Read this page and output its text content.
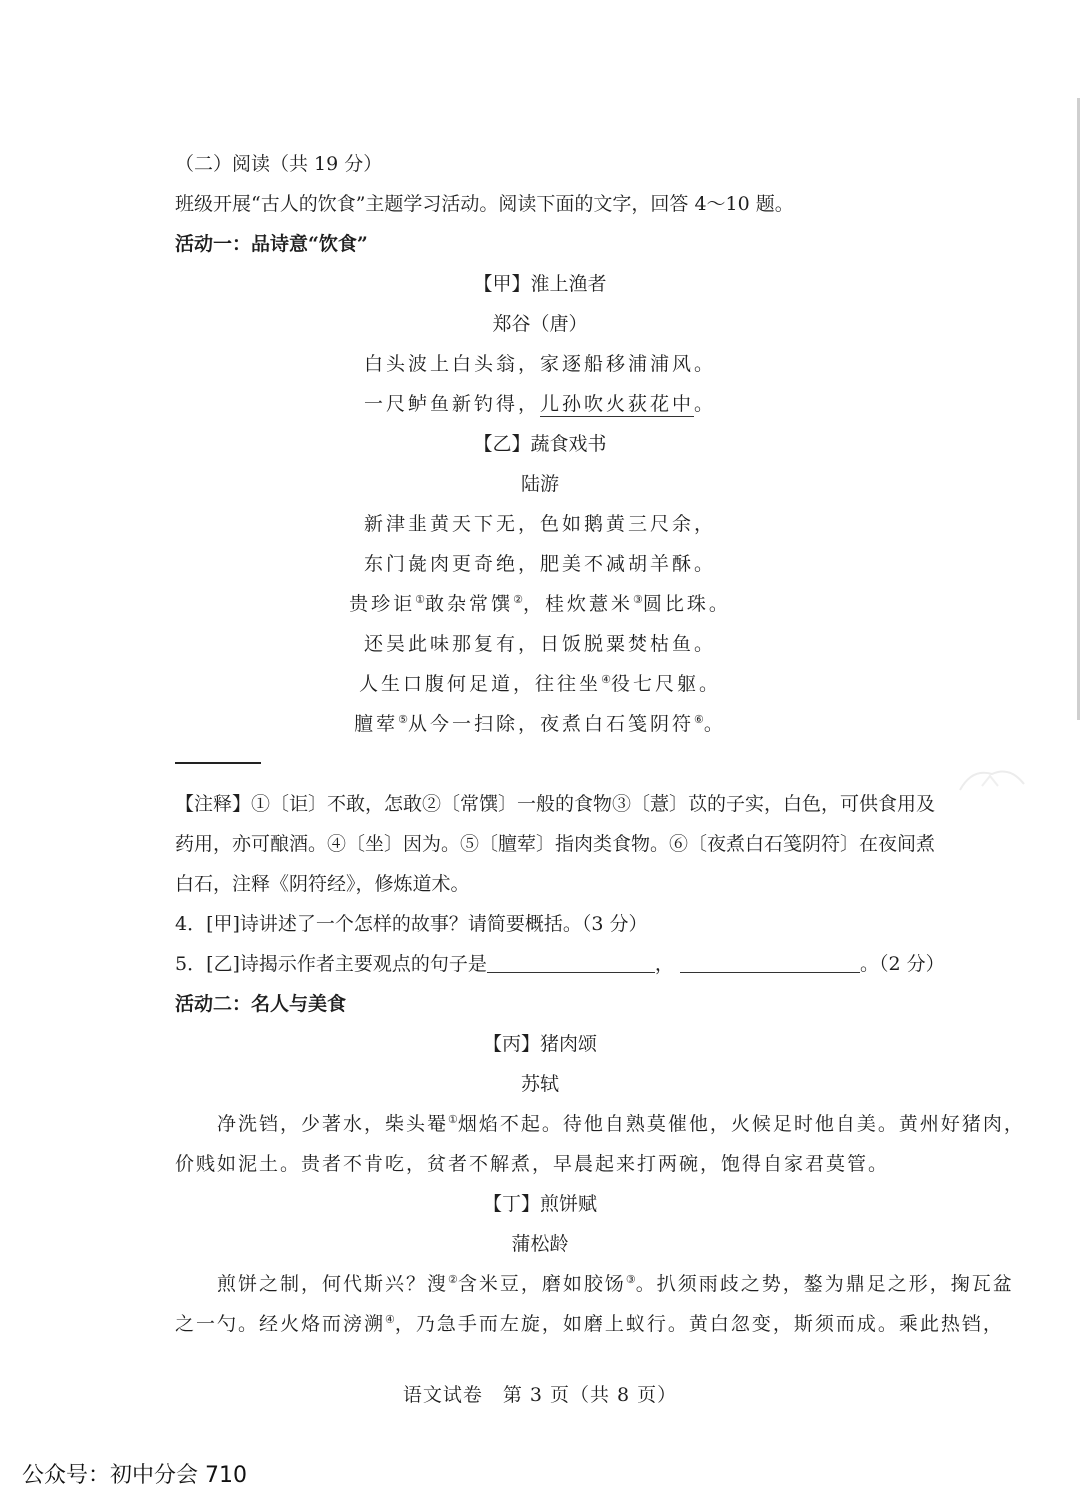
（二）阅读（共 19 分）
班级开展“古人的饮食”主题学习活动。阅读下面的文字，回答 4～10 题。
活动一：品诗意“饮食”
【甲】淮上渔者
郑谷（唐）
白头波上白头翁，家逐船移浦浦风。
一尺鲈鱼新钓得，儿孙吹火荻花中。
【乙】蔬食戏书
陆游
新津韭黄天下无，色如鹅黄三尺余，
东门彘肉更奇绝，肥美不减胡羊酥。
贵珍讵①敢杂常馔②，桂炊薏米③圆比珠。
还吴此味那复有，日饭脱粟焚枯鱼。
人生口腹何足道，往往坐④役七尺躯。
膻荤⑤从今一扫除，夜煮白石笺阴符⑥。
【注释】①〔讵〕不敢，怎敢②〔常馔〕一般的食物③〔薏〕苡的子实，白色，可供食用及
药用，亦可酿酒。④〔坐〕因为。⑤〔膻荤〕指肉类食物。⑥〔夜煮白石笺阴符〕在夜间煮
白石，注释《阴符经》，修炼道术。
4．[甲]诗讲述了一个怎样的故事？请简要概括。（3 分）
5．[乙]诗揭示作者主要观点的句子是	，	。（2 分）
活动二：名人与美食
【丙】猪肉颂
苏轼
净洗铛，少著水，柴头罨①烟焰不起。待他自熟莫催他，火候足时他自美。黄州好猪肉，
价贱如泥土。贵者不肯吃，贫者不解煮，早晨起来打两碗，饱得自家君莫管。
【丁】煎饼赋
蒲松龄
煎饼之制，何代斯兴？溲②含米豆，磨如胶饧③。扒须雨歧之势，鏊为鼎足之形，掬瓦盆
之一勺。经火烙而滂溯④，乃急手而左旋，如磨上蚁行。黄白忽变，斯须而成。乘此热铛，
语文试卷　第 3 页（共 8 页）
公众号：初中分会 710
